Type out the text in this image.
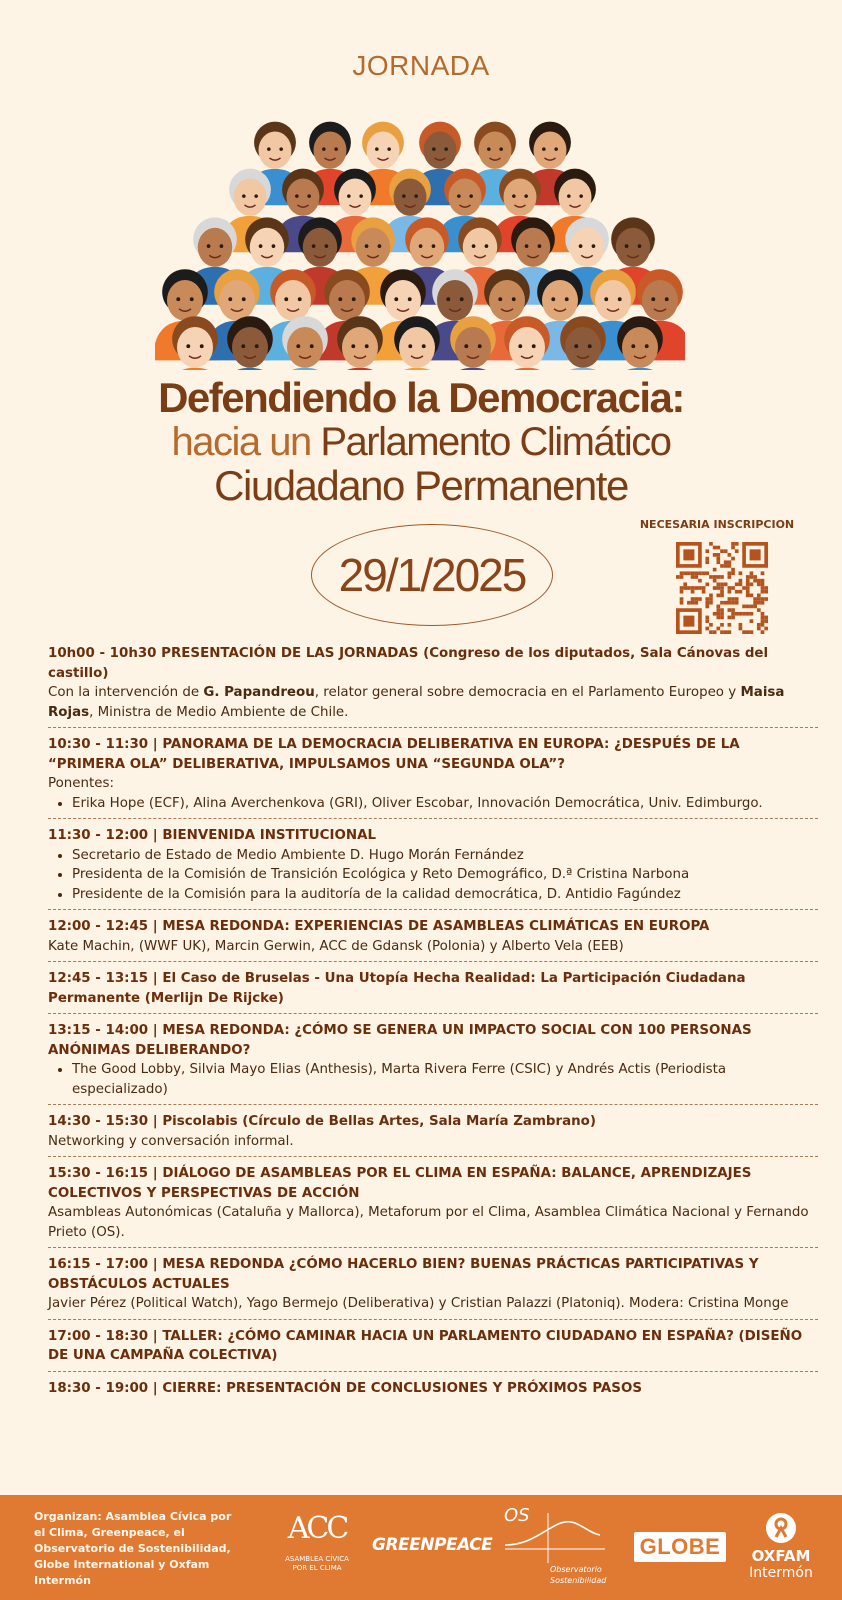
JORNADA
Defendiendo la Democracia:
hacia un Parlamento Climático
Ciudadano Permanente
29/1/2025
NECESARIA INSCRIPCION
10h00 - 10h30 PRESENTACIÓN DE LAS JORNADAS (Congreso de los diputados, Sala Cánovas del castillo)

Con la intervención de G. Papandreou, relator general sobre democracia en el Parlamento Europeo y Maisa Rojas, Ministra de Medio Ambiente de Chile.

10:30 - 11:30 | PANORAMA DE LA DEMOCRACIA DELIBERATIVA EN EUROPA: ¿DESPUÉS DE LA “PRIMERA OLA” DELIBERATIVA, IMPULSAMOS UNA “SEGUNDA OLA”?

Ponentes:

• Erika Hope (ECF), Alina Averchenkova (GRI), Oliver Escobar, Innovación Democrática, Univ. Edimburgo.
11:30 - 12:00 | BIENVENIDA INSTITUCIONAL
• Secretario de Estado de Medio Ambiente D. Hugo Morán Fernández
• Presidenta de la Comisión de Transición Ecológica y Reto Demográfico, D.ª Cristina Narbona
• Presidente de la Comisión para la auditoría de la calidad democrática, D. Antidio Fagúndez
12:00 - 12:45 | MESA REDONDA: EXPERIENCIAS DE ASAMBLEAS CLIMÁTICAS EN EUROPA

Kate Machin, (WWF UK), Marcin Gerwin, ACC de Gdansk (Polonia) y Alberto Vela (EEB)

12:45 - 13:15 | El Caso de Bruselas - Una Utopía Hecha Realidad: La Participación Ciudadana Permanente (Merlijn De Rijcke)
13:15 - 14:00 | MESA REDONDA: ¿CÓMO SE GENERA UN IMPACTO SOCIAL CON 100 PERSONAS ANÓNIMAS DELIBERANDO?
• The Good Lobby, Silvia Mayo Elias (Anthesis), Marta Rivera Ferre (CSIC) y Andrés Actis (Periodista especializado)
14:30 - 15:30 | Piscolabis (Círculo de Bellas Artes, Sala María Zambrano)

Networking y conversación informal.

15:30 - 16:15 | DIÁLOGO DE ASAMBLEAS POR EL CLIMA EN ESPAÑA: BALANCE, APRENDIZAJES COLECTIVOS Y PERSPECTIVAS DE ACCIÓN

Asambleas Autonómicas (Cataluña y Mallorca), Metaforum por el Clima, Asamblea Climática Nacional y Fernando Prieto (OS).

16:15 - 17:00 | MESA REDONDA ¿CÓMO HACERLO BIEN? BUENAS PRÁCTICAS PARTICIPATIVAS Y OBSTÁCULOS ACTUALES

Javier Pérez (Political Watch), Yago Bermejo (Deliberativa) y Cristian Palazzi (Platoniq). Modera: Cristina Monge

17:00 - 18:30 | TALLER: ¿CÓMO CAMINAR HACIA UN PARLAMENTO CIUDADANO EN ESPAÑA? (DISEÑO DE UNA CAMPAÑA COLECTIVA)
18:30 - 19:00 | CIERRE: PRESENTACIÓN DE CONCLUSIONES Y PRÓXIMOS PASOS
Organizan: Asamblea Cívica por el Clima, Greenpeace, el Observatorio de Sostenibilidad, Globe International y Oxfam Intermón
ACC
ASAMBLEA CÍVICA
POR EL CLIMA
GREENPEACE
OS
Observatorio
Sostenibilidad
GLOBE	OXFAM
Intermón
